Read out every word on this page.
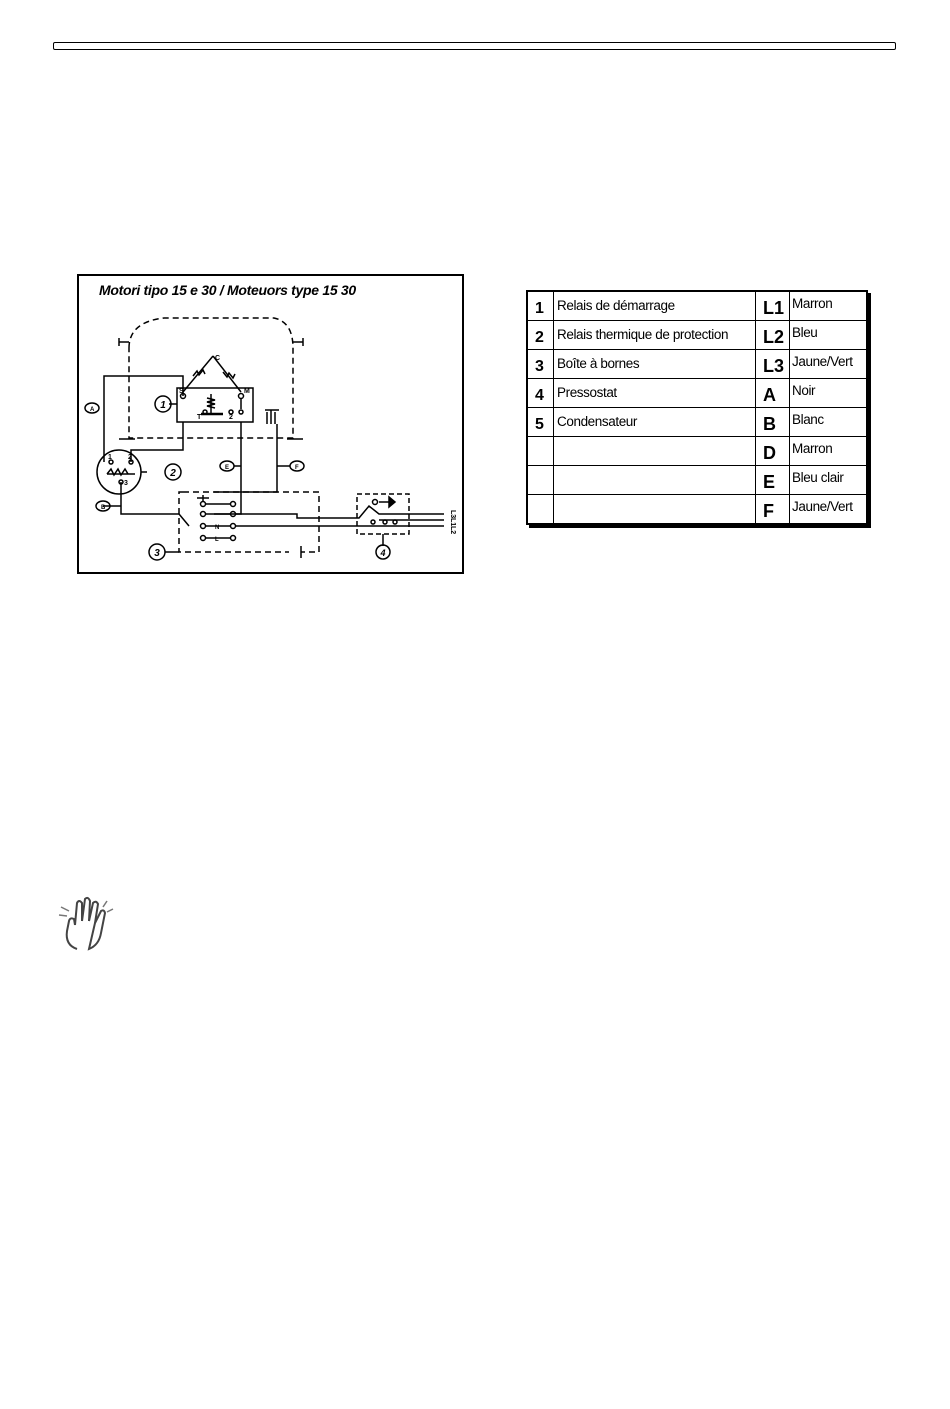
Motori tipo 15 e 30 / Moteuors type 15 30
C
S	M
T	2
1 2
3
A
B
E	F
N
L
1
2
3	4
L3
L1
L2
1 Relais de démarrage	L1 Marron
2 Relais thermique de protection	L2 Bleu
3 Boîte à bornes	L3 Jaune/Vert
4 Pressostat	A	Noir
5 Condensateur	B	Blanc
D	Marron
E	Bleu clair
F	Jaune/Vert
